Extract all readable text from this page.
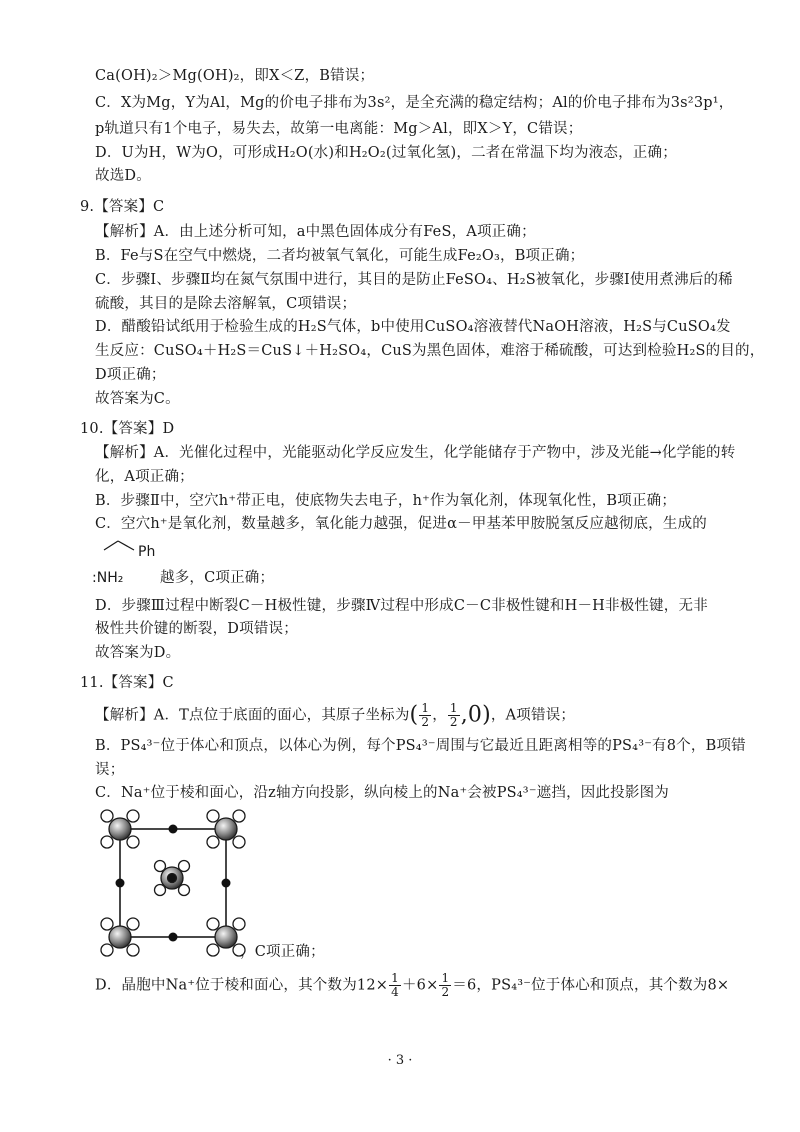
Ca(OH)₂＞Mg(OH)₂，即X＜Z，B错误；
C．X为Mg，Y为Al，Mg的价电子排布为3s²，是全充满的稳定结构；Al的价电子排布为3s²3p¹，
p轨道只有1个电子，易失去，故第一电离能：Mg＞Al，即X＞Y，C错误；
D．U为H，W为O，可形成H₂O(水)和H₂O₂(过氧化氢)，二者在常温下均为液态，正确；
故选D。
9.【答案】C
【解析】A．由上述分析可知，a中黑色固体成分有FeS，A项正确；
B．Fe与S在空气中燃烧，二者均被氧气氧化，可能生成Fe₂O₃，B项正确；
C．步骤Ⅰ、步骤Ⅱ均在氮气氛围中进行，其目的是防止FeSO₄、H₂S被氧化，步骤Ⅰ使用煮沸后的稀
硫酸，其目的是除去溶解氧，C项错误；
D．醋酸铅试纸用于检验生成的H₂S气体，b中使用CuSO₄溶液替代NaOH溶液，H₂S与CuSO₄发
生反应：CuSO₄＋H₂S＝CuS↓＋H₂SO₄，CuS为黑色固体，难溶于稀硫酸，可达到检验H₂S的目的，
D项正确；
故答案为C。
10.【答案】D
【解析】A．光催化过程中，光能驱动化学反应发生，化学能储存于产物中，涉及光能→化学能的转
化，A项正确；
B．步骤Ⅱ中，空穴h⁺带正电，使底物失去电子，h⁺作为氧化剂，体现氧化性，B项正确；
C．空穴h⁺是氧化剂，数量越多，氧化能力越强，促进α－甲基苯甲胺脱氢反应越彻底，生成的
Ph
:NH₂	越多，C项正确；
D．步骤Ⅲ过程中断裂C－H极性键，步骤Ⅳ过程中形成C－C非极性键和H－H非极性键，无非
极性共价键的断裂，D项错误；
故答案为D。
11.【答案】C
【解析】A．T点位于底面的面心，其原子坐标为( $\frac{1}{2}$ ， $\frac{1}{2} ,0$)，A项错误；
B．PS₄³⁻位于体心和顶点，以体心为例，每个PS₄³⁻周围与它最近且距离相等的PS₄³⁻有8个，B项错
误；
C．Na⁺位于棱和面心，沿z轴方向投影，纵向棱上的Na⁺会被PS₄³⁻遮挡，因此投影图为
，C项正确；
D．晶胞中Na⁺位于棱和面心，其个数为$12\times \frac{1}{4} +6\times \frac{1}{2} =6$，PS₄³⁻位于体心和顶点，其个数为8×
· 3 ·
